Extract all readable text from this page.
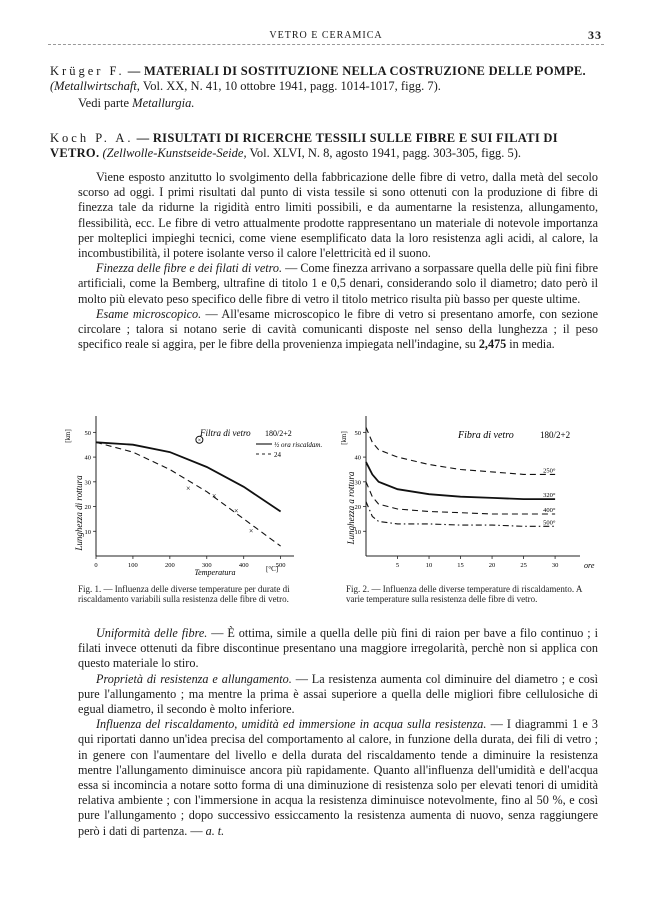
VETRO E CERAMICA	33
Krüger F. — MATERIALI DI SOSTITUZIONE NELLA COSTRUZIONE DELLE POMPE. (Metallwirtschaft, Vol. XX, N. 41, 10 ottobre 1941, pagg. 1014-1017, figg. 7).
Vedi parte Metallurgia.
Koch P. A. — RISULTATI DI RICERCHE TESSILI SULLE FIBRE E SUI FILATI DI VETRO. (Zellwolle-Kunstseide-Seide, Vol. XLVI, N. 8, agosto 1941, pagg. 303-305, figg. 5).

Viene esposto anzitutto lo svolgimento della fabbricazione delle fibre di vetro, dalla metà del secolo scorso ad oggi. I primi risultati dal punto di vista tessile si sono ottenuti con la produzione di fibre di finezza tale da ridurne la rigidità entro limiti possibili, e da aumentarne la resistenza, allungamento, flessibilità, ecc. Le fibre di vetro attualmente prodotte rappresentano un materiale di notevole importanza per molteplici impieghi tecnici, come viene esemplificato data la loro resistenza agli acidi, al calore, la incombustibilità, il potere isolante verso il calore l'elettricità ed il suono.

Finezza delle fibre e dei filati di vetro. — Come finezza arrivano a sorpassare quella delle più fini fibre artificiali, come la Bemberg, ultrafine di titolo 1 e 0,5 denari, considerando solo il diametro; dato però il molto più elevato peso specifico delle fibre di vetro il titolo metrico risulta più basso per queste ultime.

Esame microscopico. — All'esame microscopico le fibre di vetro si presentano amorfe, con sezione circolare ; talora si notano serie di cavità comunicanti disposte nel senso della lunghezza ; il peso specifico reale si aggira, per le fibre della provenienza impiegata nell'indagine, su 2,475 in media.

10
20
30
40
50
0	100	200	300	400	500
×
×
×
×
×
Lunghezza di rottura
[km]
Temperatura	[°C]
Filtra di vetro 180/2+2
½ ora riscaldam.
24
Fig. 1. — Influenza delle diverse temperature per durate di riscaldamento variabili sulla resistenza delle fibre di vetro.
10
20
30
40
50
5	10	15	20	25	30
250°
320°
400°
500°
Lunghezza a rottura
[km]
ore
Fibra di vetro	180/2+2
Fig. 2. — Influenza delle diverse temperature di riscaldamento. A varie temperature sulla resistenza delle fibre di vetro.

Uniformità delle fibre. — È ottima, simile a quella delle più fini di raion per bave a filo continuo ; i filati invece ottenuti da fibre discontinue presentano una maggiore irregolarità, perchè non si applica con questo materiale lo stiro.

Proprietà di resistenza e allungamento. — La resistenza aumenta col diminuire del diametro ; e così pure l'allungamento ; ma mentre la prima è assai superiore a quella delle migliori fibre cellulosiche di egual diametro, il secondo è molto inferiore.

Influenza del riscaldamento, umidità ed immersione in acqua sulla resistenza. — I diagrammi 1 e 3 qui riportati danno un'idea precisa del comportamento al calore, in funzione della durata, dei fili di vetro ; in genere con l'aumentare del livello e della durata del riscaldamento tende a diminuire la resistenza mentre l'allungamento diminuisce ancora più rapidamente. Quanto all'influenza dell'umidità e dell'acqua essa si incomincia a notare sotto forma di una diminuzione di resistenza solo per elevati tenori di umidità relativa ambiente ; con l'immersione in acqua la resistenza diminuisce notevolmente, fino al 50 %, e così pure l'allungamento ; dopo successivo essiccamento la resistenza aumenta di nuovo, senza raggiungere però i dati di partenza. — a. t.
